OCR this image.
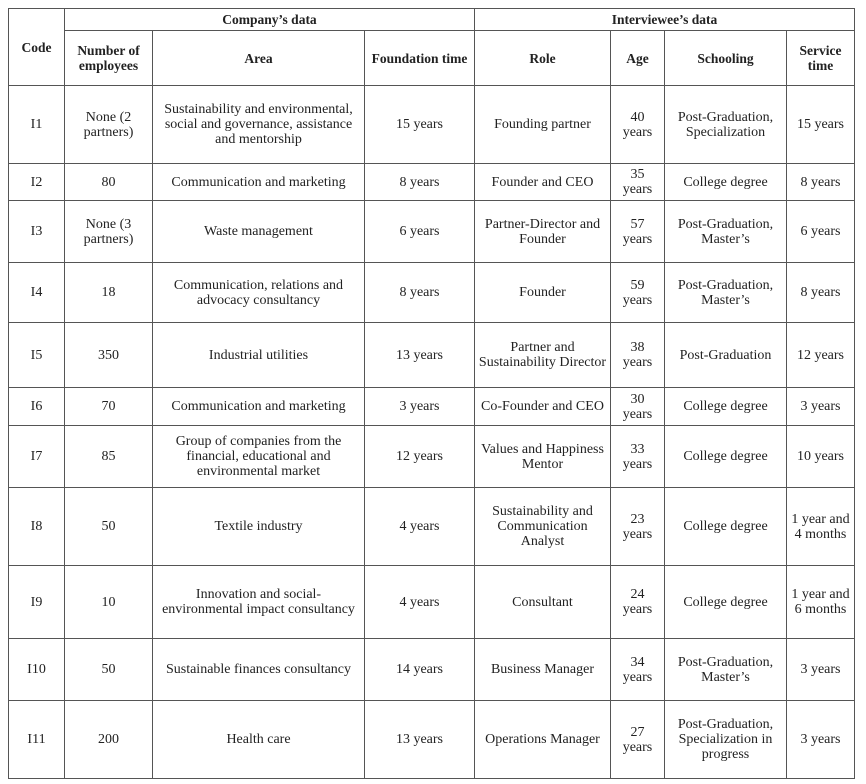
Code	Company’s data			Interviewee’s data			
	Number of employees	Area	Foundation time	Role	Age	Schooling	Service time
I1	None (2 partners)	Sustainability and environmental, social and governance, assistance and mentorship	15 years	Founding partner	40 years	Post-Graduation, Specialization	15 years
I2	80	Communication and marketing	8 years	Founder and CEO	35 years	College degree	8 years
I3	None (3 partners)	Waste management	6 years	Partner-Director and Founder	57 years	Post-Graduation, Master’s	6 years
I4	18	Communication, relations and advocacy consultancy	8 years	Founder	59 years	Post-Graduation, Master’s	8 years
I5	350	Industrial utilities	13 years	Partner and Sustainability Director	38 years	Post-Graduation	12 years
I6	70	Communication and marketing	3 years	Co-Founder and CEO	30 years	College degree	3 years
I7	85	Group of companies from the financial, educational and environmental market	12 years	Values and Happiness Mentor	33 years	College degree	10 years
I8	50	Textile industry	4 years	Sustainability and Communication Analyst	23 years	College degree	1 year and 4 months
I9	10	Innovation and social-environmental impact consultancy	4 years	Consultant	24 years	College degree	1 year and 6 months
I10	50	Sustainable finances consultancy	14 years	Business Manager	34 years	Post-Graduation, Master’s	3 years
I11	200	Health care	13 years	Operations Manager	27 years	Post-Graduation, Specialization in progress	3 years
